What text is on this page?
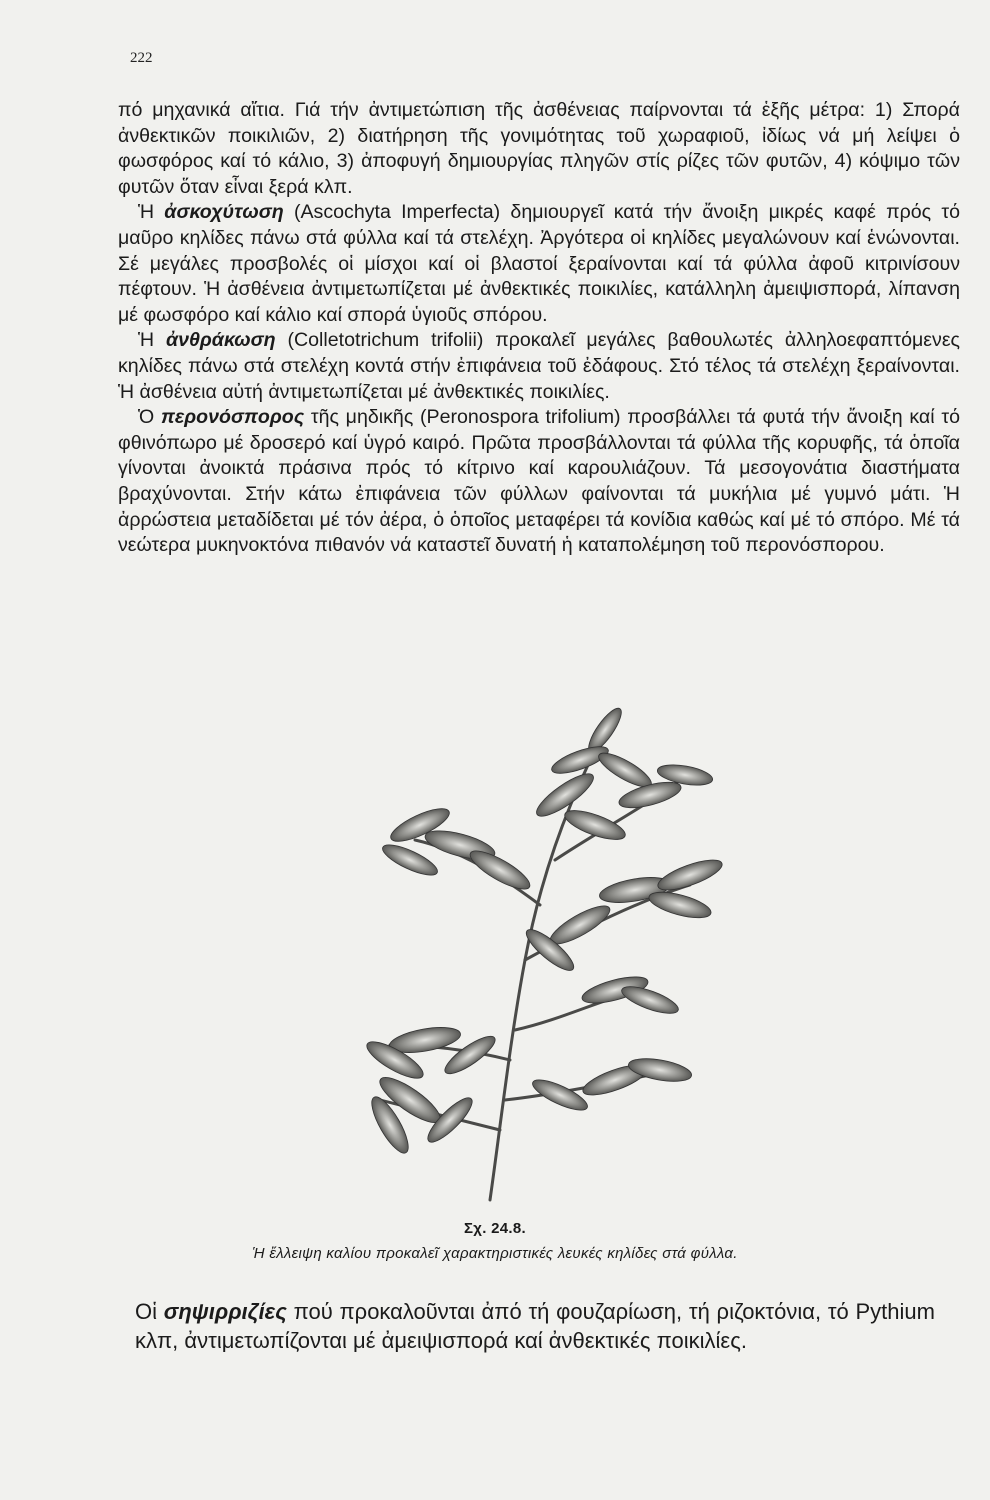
222

πό μηχανικά αἴτια. Γιά τήν ἀντιμετώπιση τῆς ἀσθένειας παίρνονται τά ἑξῆς μέτρα: 1) Σπορά ἀνθεκτικῶν ποικιλιῶν, 2) διατήρηση τῆς γονιμότητας τοῦ χωραφιοῦ, ἰδίως νά μή λείψει ὁ φωσφόρος καί τό κάλιο, 3) ἀποφυγή δημιουργίας πληγῶν στίς ρίζες τῶν φυτῶν, 4) κόψιμο τῶν φυτῶν ὅταν εἶναι ξερά κλπ.

Ἡ ἀσκοχύτωση (Ascochyta Imperfecta) δημιουργεῖ κατά τήν ἄνοιξη μικρές καφέ πρός τό μαῦρο κηλίδες πάνω στά φύλλα καί τά στελέχη. Ἀργότερα οἱ κηλίδες μεγαλώνουν καί ἑνώνονται. Σέ μεγάλες προσβολές οἱ μίσχοι καί οἱ βλαστοί ξεραίνονται καί τά φύλλα ἀφοῦ κιτρινίσουν πέφτουν. Ἡ ἀσθένεια ἀντιμετωπίζεται μέ ἀνθεκτικές ποικιλίες, κατάλληλη ἀμειψισπορά, λίπανση μέ φωσφόρο καί κάλιο καί σπορά ὑγιοῦς σπόρου.

Ἡ ἀνθράκωση (Colletotrichum trifolii) προκαλεῖ μεγάλες βαθουλωτές ἀλληλοεφαπτόμενες κηλίδες πάνω στά στελέχη κοντά στήν ἐπιφάνεια τοῦ ἐδάφους. Στό τέλος τά στελέχη ξεραίνονται. Ἡ ἀσθένεια αὐτή ἀντιμετωπίζεται μέ ἀνθεκτικές ποικιλίες.

Ὁ περονόσπορος τῆς μηδικῆς (Peronospora trifolium) προσβάλλει τά φυτά τήν ἄνοιξη καί τό φθινόπωρο μέ δροσερό καί ὑγρό καιρό. Πρῶτα προσβάλλονται τά φύλλα τῆς κορυφῆς, τά ὁποῖα γίνονται ἀνοικτά πράσινα πρός τό κίτρινο καί καρουλιάζουν. Τά μεσογονάτια διαστήματα βραχύνονται. Στήν κάτω ἐπιφάνεια τῶν φύλλων φαίνονται τά μυκήλια μέ γυμνό μάτι. Ἡ ἀρρώστεια μεταδίδεται μέ τόν ἀέρα, ὁ ὁποῖος μεταφέρει τά κονίδια καθώς καί μέ τό σπόρο. Μέ τά νεώτερα μυκηνοκτόνα πιθανόν νά καταστεῖ δυνατή ἡ καταπολέμηση τοῦ περονόσπορου.

Σχ. 24.8.
Ἡ ἔλλειψη καλίου προκαλεῖ χαρακτηριστικές λευκές κηλίδες στά φύλλα.

Οἱ σηψιρριζίες πού προκαλοῦνται ἀπό τή φουζαρίωση, τή ριζοκτόνια, τό Pythium κλπ, ἀντιμετωπίζονται μέ ἀμειψισπορά καί ἀνθεκτικές ποικιλίες.
